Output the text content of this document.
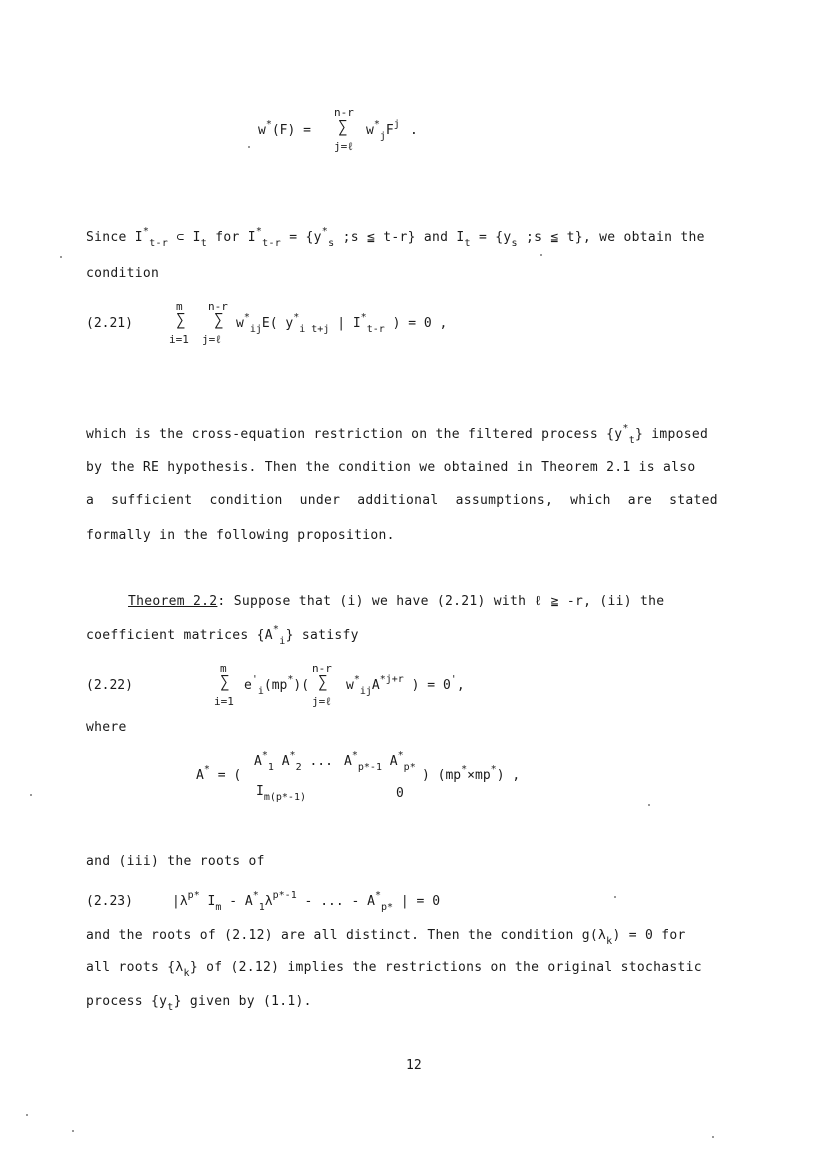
w*(F) =
n-r
∑
j=ℓ
$w^*_jF^j$ .
Since $I^*_{t-r}$ ⊂ $I_t$ for $I^*_{t-r} = \{y^*_s$ ;s ≦ t-r} and $I_t = \{y_s$ ;s ≦ t}, we obtain the
condition
(2.21)
m
∑
i=1
n-r
∑
j=ℓ
$w^*_{ij}E$( $y^*_{i t+j}$ | $I^*_{t-r}$ ) = 0 ,
which is the cross-equation restriction on the filtered process $\{y^*_t\}$ imposed
by the RE hypothesis. Then the condition we obtained in Theorem 2.1 is also
a sufficient condition under additional assumptions, which are stated
formally in the following proposition.
Theorem 2.2: Suppose that (i) we have (2.21) with ℓ ≧ -r, (ii) the
coefficient matrices $\{A^*_i\}$ satisfy
(2.22)
m
∑
i=1
$e'_i(mp^*)$(
n-r
∑
j=ℓ
$w^*_{ij}A^{*j+r}$ ) = 0',
where
A* = (
$A^*_1$ $A^*_2$ ... $A^*_{p*-1}$ $A^*_{p*}$
$I_{m(p*-1)}$	0
) (mp*×mp*) ,
and (iii) the roots of
(2.23)	$|\lambda^{p*}$ $I_m - A^*_1\lambda^{p*-1}$ - ... - $A^*_{p*}$ | = 0
and the roots of (2.12) are all distinct. Then the condition $g(\lambda_k) = 0$ for
all roots $\{\lambda_k\}$ of (2.12) implies the restrictions on the original stochastic
process $\{y_t\}$ given by (1.1).
12
